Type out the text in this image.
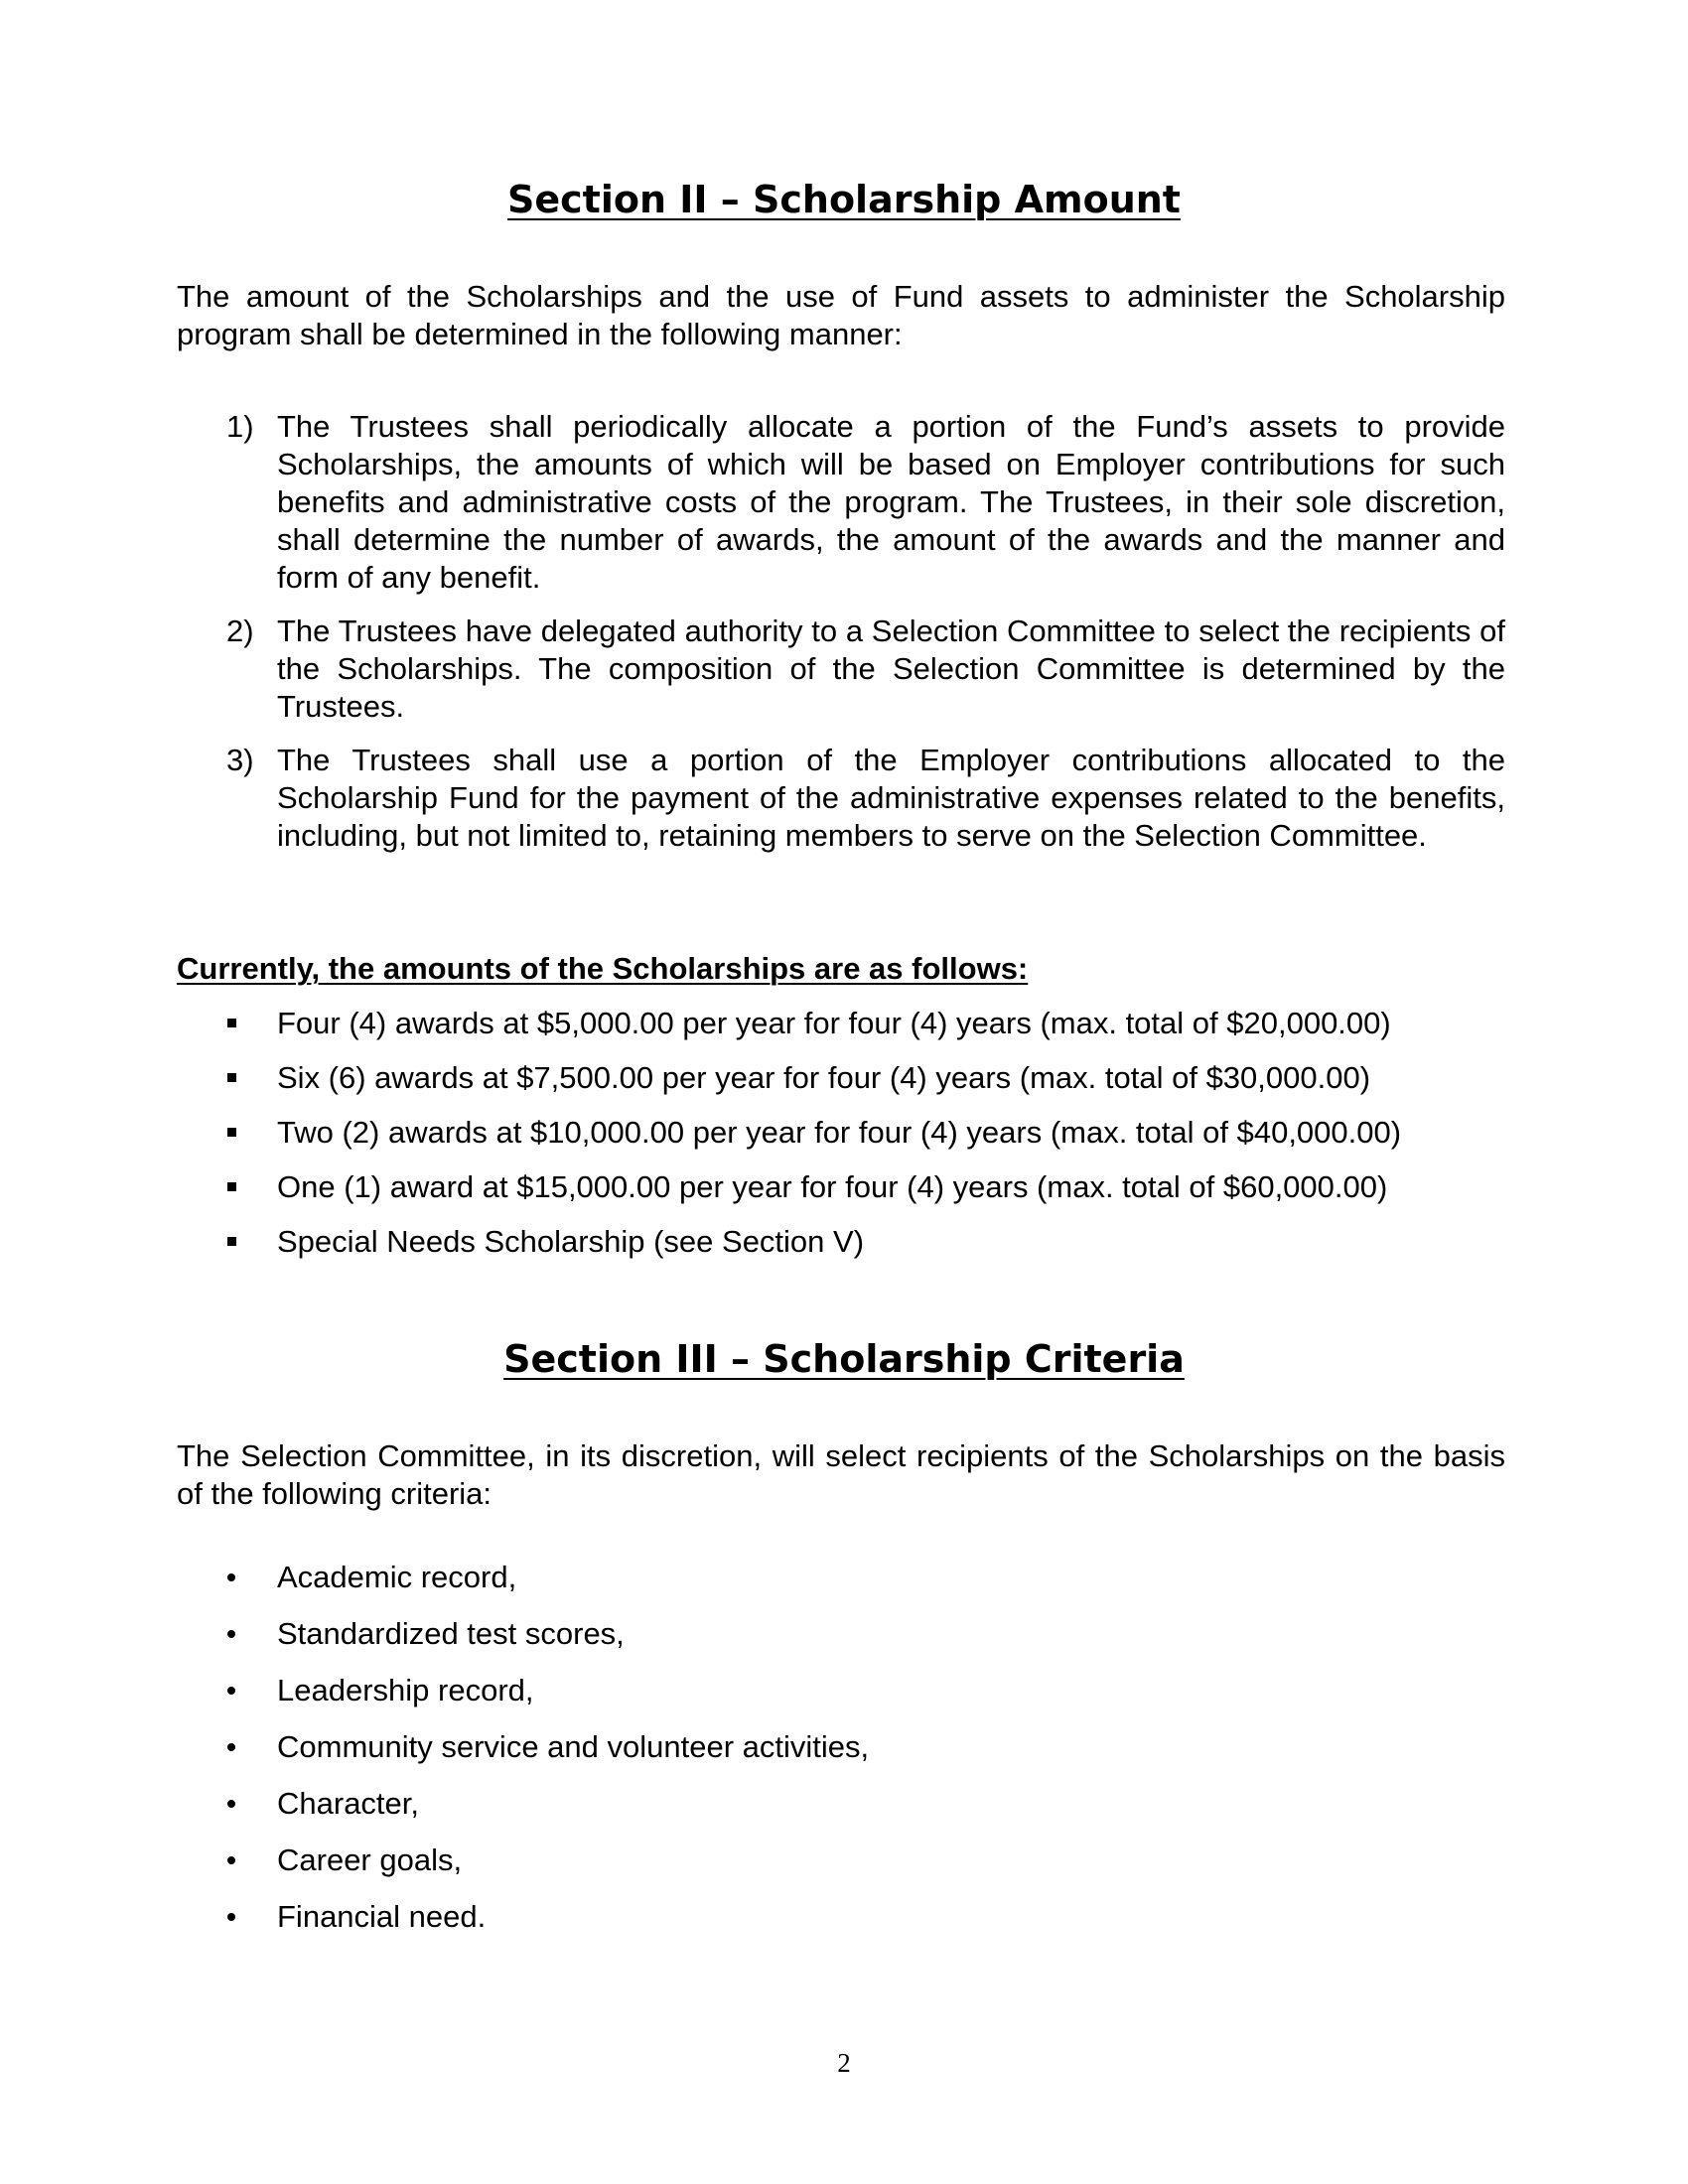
Section II – Scholarship Amount

The amount of the Scholarships and the use of Fund assets to administer the Scholarship program shall be determined in the following manner:

1) The Trustees shall periodically allocate a portion of the Fund’s assets to provide Scholarships, the amounts of which will be based on Employer contributions for such benefits and administrative costs of the program. The Trustees, in their sole discretion, shall determine the number of awards, the amount of the awards and the manner and form of any benefit.
2) The Trustees have delegated authority to a Selection Committee to select the recipients of the Scholarships. The composition of the Selection Committee is determined by the Trustees.
3) The Trustees shall use a portion of the Employer contributions allocated to the Scholarship Fund for the payment of the administrative expenses related to the benefits, including, but not limited to, retaining members to serve on the Selection Committee.
Currently, the amounts of the Scholarships are as follows:
Four (4) awards at $5,000.00 per year for four (4) years (max. total of $20,000.00)
Six (6) awards at $7,500.00 per year for four (4) years (max. total of $30,000.00)
Two (2) awards at $10,000.00 per year for four (4) years (max. total of $40,000.00)
One (1) award at $15,000.00 per year for four (4) years (max. total of $60,000.00)
Special Needs Scholarship (see Section V)
Section III – Scholarship Criteria

The Selection Committee, in its discretion, will select recipients of the Scholarships on the basis of the following criteria:

Academic record,
Standardized test scores,
Leadership record,
Community service and volunteer activities,
Character,
Career goals,
Financial need.
2
